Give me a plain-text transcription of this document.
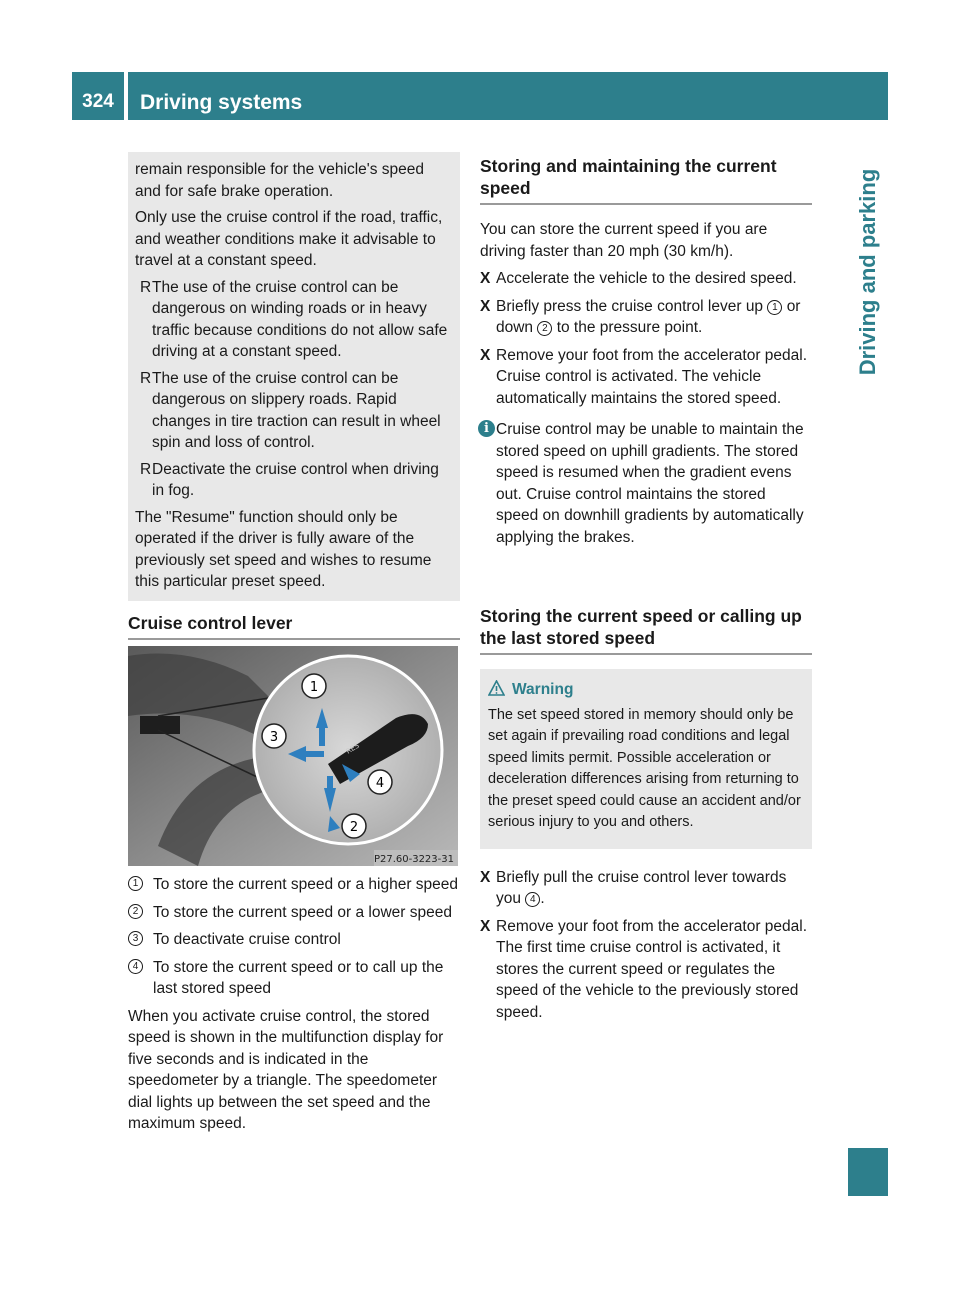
324	Driving systems
Driving and parking

remain responsible for the vehicle's speed and for safe brake operation.

Only use the cruise control if the road, traffic, and weather conditions make it advisable to travel at a constant speed.

R The use of the cruise control can be dangerous on winding roads or in heavy traffic because conditions do not allow safe driving at a constant speed.
R The use of the cruise control can be dangerous on slippery roads. Rapid changes in tire traction can result in wheel spin and loss of control.
R Deactivate the cruise control when driving in fog.

The "Resume" function should only be operated if the driver is fully aware of the previously set speed and wishes to resume this particular preset speed.

Cruise control lever
RES
1
3
4
2
P27.60-3223-31
1 To store the current speed or a higher speed
2 To store the current speed or a lower speed
3 To deactivate cruise control
4 To store the current speed or to call up the last stored speed

When you activate cruise control, the stored speed is shown in the multifunction display for five seconds and is indicated in the speedometer by a triangle. The speedometer dial lights up between the set speed and the maximum speed.

Storing and maintaining the current speed

You can store the current speed if you are driving faster than 20 mph (30 km/h).

X Accelerate the vehicle to the desired speed.
X Briefly press the cruise control lever up 1 or down 2 to the pressure point.
X Remove your foot from the accelerator pedal.
Cruise control is activated. The vehicle automatically maintains the stored speed.
i Cruise control may be unable to maintain the stored speed on uphill gradients. The stored speed is resumed when the gradient evens out. Cruise control maintains the stored speed on downhill gradients by automatically applying the brakes.
Storing the current speed or calling up the last stored speed
Warning

The set speed stored in memory should only be set again if prevailing road conditions and legal speed limits permit. Possible acceleration or deceleration differences arising from returning to the preset speed could cause an accident and/or serious injury to you and others.

X Briefly pull the cruise control lever towards you 4 .
X Remove your foot from the accelerator pedal.
The first time cruise control is activated, it stores the current speed or regulates the speed of the vehicle to the previously stored speed.
